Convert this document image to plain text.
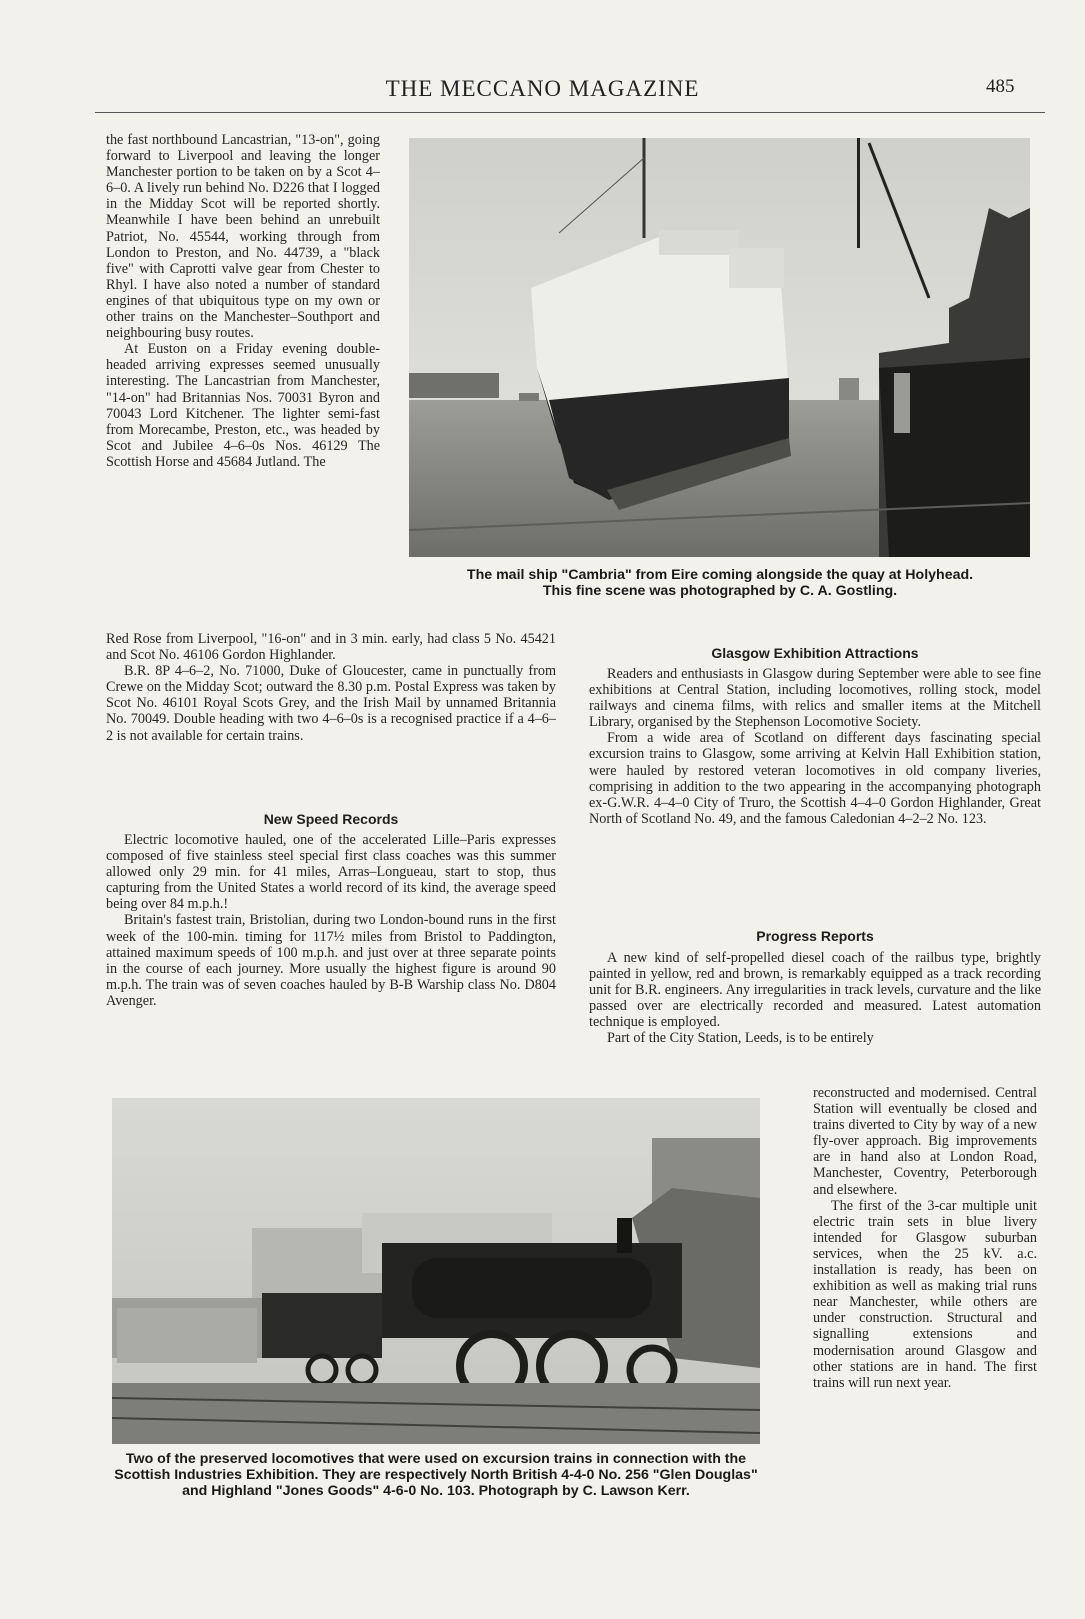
THE MECCANO MAGAZINE	485

the fast northbound Lancastrian, "13-on", going forward to Liverpool and leaving the longer Manchester portion to be taken on by a Scot 4–6–0. A lively run behind No. D226 that I logged in the Midday Scot will be reported shortly. Meanwhile I have been behind an unrebuilt Patriot, No. 45544, working through from London to Preston, and No. 44739, a "black five" with Caprotti valve gear from Chester to Rhyl. I have also noted a number of standard engines of that ubiquitous type on my own or other trains on the Manchester–Southport and neighbouring busy routes.

At Euston on a Friday evening double-headed arriving expresses seemed unusually interesting. The Lancastrian from Manchester, "14-on" had Britannias Nos. 70031 Byron and 70043 Lord Kitchener. The lighter semi-fast from Morecambe, Preston, etc., was headed by Scot and Jubilee 4–6–0s Nos. 46129 The Scottish Horse and 45684 Jutland. The

The mail ship "Cambria" from Eire coming alongside the quay at Holyhead.
This fine scene was photographed by C. A. Gostling.

Red Rose from Liverpool, "16-on" and in 3 min. early, had class 5 No. 45421 and Scot No. 46106 Gordon Highlander.

B.R. 8P 4–6–2, No. 71000, Duke of Gloucester, came in punctually from Crewe on the Midday Scot; outward the 8.30 p.m. Postal Express was taken by Scot No. 46101 Royal Scots Grey, and the Irish Mail by unnamed Britannia No. 70049. Double heading with two 4–6–0s is a recognised practice if a 4–6–2 is not available for certain trains.

New Speed Records

Electric locomotive hauled, one of the accelerated Lille–Paris expresses composed of five stainless steel special first class coaches was this summer allowed only 29 min. for 41 miles, Arras–Longueau, start to stop, thus capturing from the United States a world record of its kind, the average speed being over 84 m.p.h.!

Britain's fastest train, Bristolian, during two London-bound runs in the first week of the 100-min. timing for 117½ miles from Bristol to Paddington, attained maximum speeds of 100 m.p.h. and just over at three separate points in the course of each journey. More usually the highest figure is around 90 m.p.h. The train was of seven coaches hauled by B-B Warship class No. D804 Avenger.

Glasgow Exhibition Attractions

Readers and enthusiasts in Glasgow during September were able to see fine exhibitions at Central Station, including locomotives, rolling stock, model railways and cinema films, with relics and smaller items at the Mitchell Library, organised by the Stephenson Locomotive Society.

From a wide area of Scotland on different days fascinating special excursion trains to Glasgow, some arriving at Kelvin Hall Exhibition station, were hauled by restored veteran locomotives in old company liveries, comprising in addition to the two appearing in the accompanying photograph ex-G.W.R. 4–4–0 City of Truro, the Scottish 4–4–0 Gordon Highlander, Great North of Scotland No. 49, and the famous Caledonian 4–2–2 No. 123.

Progress Reports

A new kind of self-propelled diesel coach of the railbus type, brightly painted in yellow, red and brown, is remarkably equipped as a track recording unit for B.R. engineers. Any irregularities in track levels, curvature and the like passed over are electrically recorded and measured. Latest automation technique is employed.

Part of the City Station, Leeds, is to be entirely

reconstructed and modernised. Central Station will eventually be closed and trains diverted to City by way of a new fly-over approach. Big improvements are in hand also at London Road, Manchester, Coventry, Peterborough and elsewhere.

The first of the 3-car multiple unit electric train sets in blue livery intended for Glasgow suburban services, when the 25 kV. a.c. installation is ready, has been on exhibition as well as making trial runs near Manchester, while others are under construction. Structural and signalling extensions and modernisation around Glasgow and other stations are in hand. The first trains will run next year.

Two of the preserved locomotives that were used on excursion trains in connection with the Scottish Industries Exhibition. They are respectively North British 4-4-0 No. 256 "Glen Douglas" and Highland "Jones Goods" 4-6-0 No. 103. Photograph by C. Lawson Kerr.
